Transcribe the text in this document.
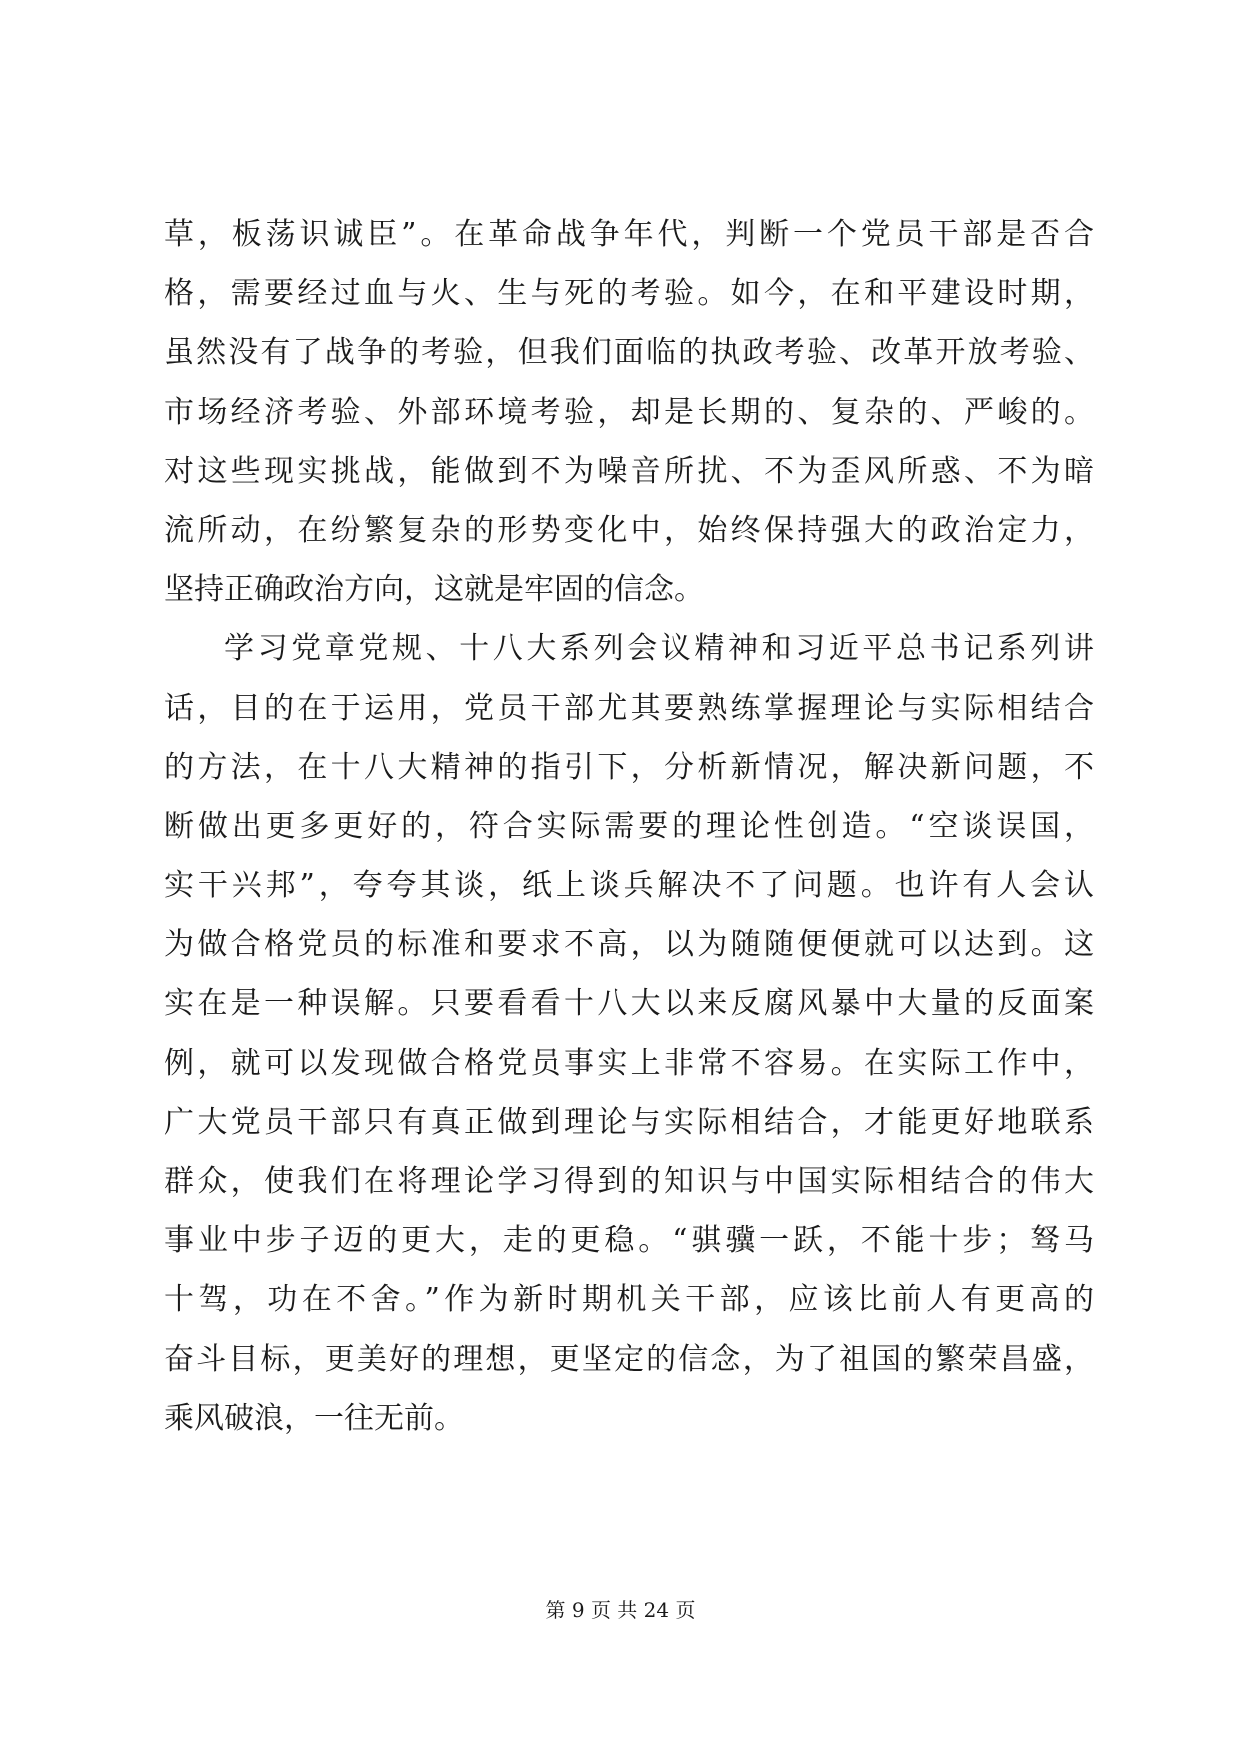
草，板荡识诚臣”。在革命战争年代，判断一个党员干部是否合
格，需要经过血与火、生与死的考验。如今，在和平建设时期，
虽然没有了战争的考验，但我们面临的执政考验、改革开放考验、
市场经济考验、外部环境考验，却是长期的、复杂的、严峻的。
对这些现实挑战，能做到不为噪音所扰、不为歪风所惑、不为暗
流所动，在纷繁复杂的形势变化中，始终保持强大的政治定力，
坚持正确政治方向，这就是牢固的信念。
学习党章党规、十八大系列会议精神和习近平总书记系列讲
话，目的在于运用，党员干部尤其要熟练掌握理论与实际相结合
的方法，在十八大精神的指引下，分析新情况，解决新问题，不
断做出更多更好的，符合实际需要的理论性创造。“空谈误国，
实干兴邦”，夸夸其谈，纸上谈兵解决不了问题。也许有人会认
为做合格党员的标准和要求不高，以为随随便便就可以达到。这
实在是一种误解。只要看看十八大以来反腐风暴中大量的反面案
例，就可以发现做合格党员事实上非常不容易。在实际工作中，
广大党员干部只有真正做到理论与实际相结合，才能更好地联系
群众，使我们在将理论学习得到的知识与中国实际相结合的伟大
事业中步子迈的更大，走的更稳。“骐骥一跃，不能十步；驽马
十驾，功在不舍。”作为新时期机关干部，应该比前人有更高的
奋斗目标，更美好的理想，更坚定的信念，为了祖国的繁荣昌盛，
乘风破浪，一往无前。
第 9 页 共 24 页
